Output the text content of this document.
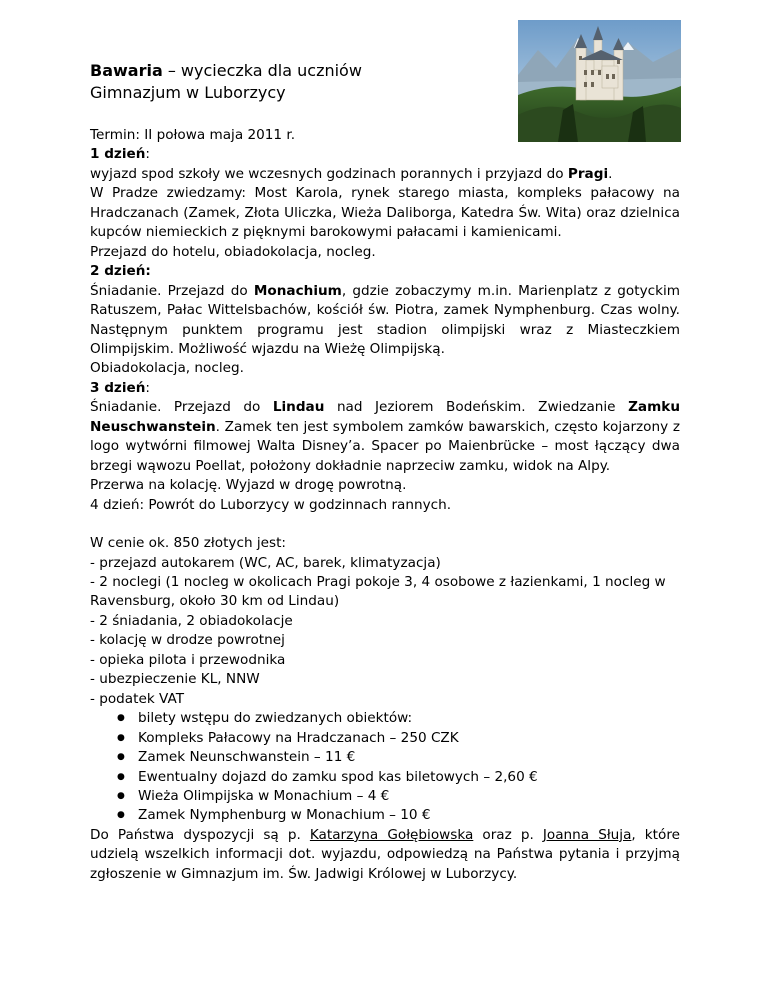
Bawaria – wycieczka dla uczniów
Gimnazjum w Luborzycy

Termin: II połowa maja 2011 r.

1 dzień:

wyjazd spod szkoły we wczesnych godzinach porannych i przyjazd do Pragi.

W Pradze zwiedzamy: Most Karola, rynek starego miasta, kompleks pałacowy na Hradczanach (Zamek, Złota Uliczka, Wieża Daliborga, Katedra Św. Wita) oraz dzielnica kupców niemieckich z pięknymi barokowymi pałacami i kamienicami.

Przejazd do hotelu, obiadokolacja, nocleg.

2 dzień:

Śniadanie. Przejazd do Monachium, gdzie zobaczymy m.in. Marienplatz z gotyckim Ratuszem, Pałac Wittelsbachów, kościół św. Piotra, zamek Nymphenburg. Czas wolny. Następnym punktem programu jest stadion olimpijski wraz z Miasteczkiem Olimpijskim. Możliwość wjazdu na Wieżę Olimpijską.

Obiadokolacja, nocleg.

3 dzień:

Śniadanie. Przejazd do Lindau nad Jeziorem Bodeńskim. Zwiedzanie Zamku Neuschwanstein. Zamek ten jest symbolem zamków bawarskich, często kojarzony z logo wytwórni filmowej Walta Disney’a. Spacer po Maienbrücke – most łączący dwa brzegi wąwozu Poellat, położony dokładnie naprzeciw zamku, widok na Alpy.

Przerwa na kolację. Wyjazd w drogę powrotną.

4 dzień: Powrót do Luborzycy w godzinnach rannych.

W cenie ok. 850 złotych jest:

- przejazd autokarem (WC, AC, barek, klimatyzacja)

- 2 noclegi (1 nocleg w okolicach Pragi pokoje 3, 4 osobowe z łazienkami, 1 nocleg w Ravensburg, około 30 km od Lindau)

- 2 śniadania, 2 obiadokolacje

- kolację w drodze powrotnej

- opieka pilota i przewodnika

- ubezpieczenie KL, NNW

- podatek VAT

● bilety wstępu do zwiedzanych obiektów:
● Kompleks Pałacowy na Hradczanach – 250 CZK
● Zamek Neunschwanstein – 11 €
● Ewentualny dojazd do zamku spod kas biletowych – 2,60 €
● Wieża Olimpijska w Monachium – 4 €
● Zamek Nymphenburg w Monachium – 10 €

Do Państwa dyspozycji są p. Katarzyna Gołębiowska oraz p. Joanna Słuja, które udzielą wszelkich informacji dot. wyjazdu, odpowiedzą na Państwa pytania i przyjmą zgłoszenie w Gimnazjum im. Św. Jadwigi Królowej w Luborzycy.
